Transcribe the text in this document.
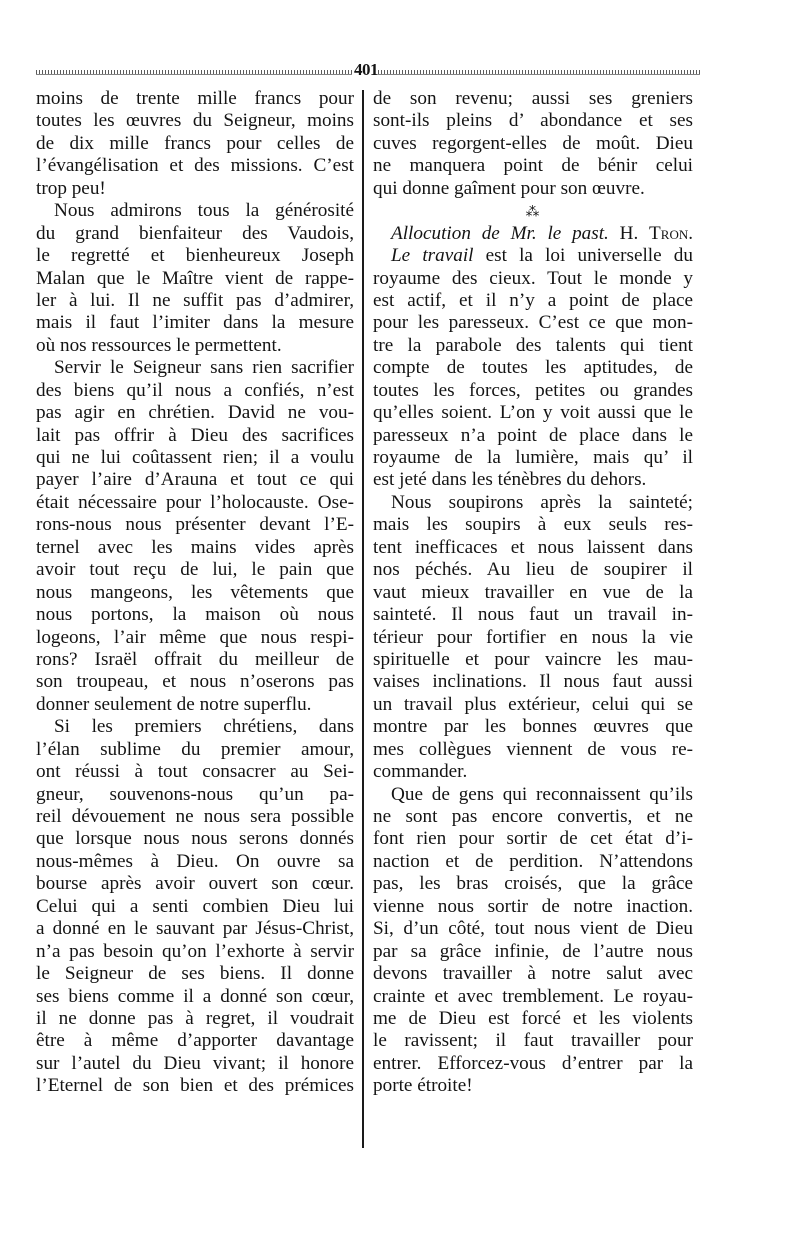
401
moins de trente mille francs pour
toutes les œuvres du Seigneur, moins
de dix mille francs pour celles de
l’évangélisation et des missions. C’est
trop peu!
Nous admirons tous la générosité
du grand bienfaiteur des Vaudois,
le regretté et bienheureux Joseph
Malan que le Maître vient de rappe-
ler à lui. Il ne suffit pas d’admirer,
mais il faut l’imiter dans la mesure
où nos ressources le permettent.
Servir le Seigneur sans rien sacrifier
des biens qu’il nous a confiés, n’est
pas agir en chrétien. David ne vou-
lait pas offrir à Dieu des sacrifices
qui ne lui coûtassent rien; il a voulu
payer l’aire d’Arauna et tout ce qui
était nécessaire pour l’holocauste. Ose-
rons-nous nous présenter devant l’E-
ternel avec les mains vides après
avoir tout reçu de lui, le pain que
nous mangeons, les vêtements que
nous portons, la maison où nous
logeons, l’air même que nous respi-
rons? Israël offrait du meilleur de
son troupeau, et nous n’oserons pas
donner seulement de notre superflu.
Si les premiers chrétiens, dans
l’élan sublime du premier amour,
ont réussi à tout consacrer au Sei-
gneur, souvenons-nous qu’un pa-
reil dévouement ne nous sera possible
que lorsque nous nous serons donnés
nous-mêmes à Dieu. On ouvre sa
bourse après avoir ouvert son cœur.
Celui qui a senti combien Dieu lui
a donné en le sauvant par Jésus-Christ,
n’a pas besoin qu’on l’exhorte à servir
le Seigneur de ses biens. Il donne
ses biens comme il a donné son cœur,
il ne donne pas à regret, il voudrait
être à même d’apporter davantage
sur l’autel du Dieu vivant; il honore
l’Eternel de son bien et des prémices
de son revenu; aussi ses greniers
sont-ils pleins d’ abondance et ses
cuves regorgent-elles de moût. Dieu
ne manquera point de bénir celui
qui donne gaîment pour son œuvre.
⁂
Allocution de Mr. le past. H. Tron.
Le travail est la loi universelle du
royaume des cieux. Tout le monde y
est actif, et il n’y a point de place
pour les paresseux. C’est ce que mon-
tre la parabole des talents qui tient
compte de toutes les aptitudes, de
toutes les forces, petites ou grandes
qu’elles soient. L’on y voit aussi que le
paresseux n’a point de place dans le
royaume de la lumière, mais qu’ il
est jeté dans les ténèbres du dehors.
Nous soupirons après la sainteté;
mais les soupirs à eux seuls res-
tent inefficaces et nous laissent dans
nos péchés. Au lieu de soupirer il
vaut mieux travailler en vue de la
sainteté. Il nous faut un travail in-
térieur pour fortifier en nous la vie
spirituelle et pour vaincre les mau-
vaises inclinations. Il nous faut aussi
un travail plus extérieur, celui qui se
montre par les bonnes œuvres que
mes collègues viennent de vous re-
commander.
Que de gens qui reconnaissent qu’ils
ne sont pas encore convertis, et ne
font rien pour sortir de cet état d’i-
naction et de perdition. N’attendons
pas, les bras croisés, que la grâce
vienne nous sortir de notre inaction.
Si, d’un côté, tout nous vient de Dieu
par sa grâce infinie, de l’autre nous
devons travailler à notre salut avec
crainte et avec tremblement. Le royau-
me de Dieu est forcé et les violents
le ravissent; il faut travailler pour
entrer. Efforcez-vous d’entrer par la
porte étroite!
